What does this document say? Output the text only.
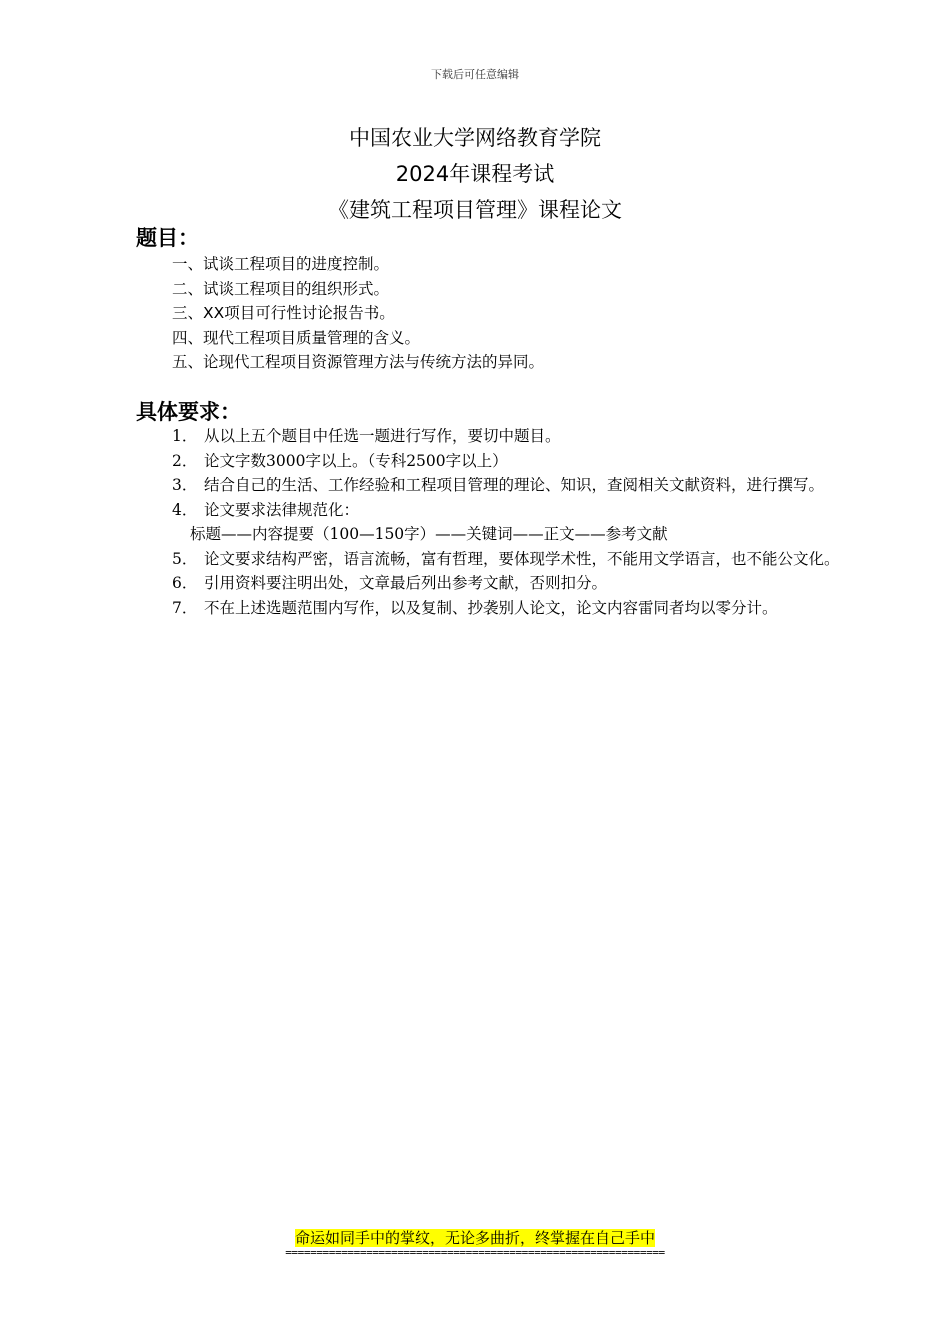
下载后可任意编辑
中国农业大学网络教育学院
2024年课程考试
《建筑工程项目管理》课程论文
题目：
一、试谈工程项目的进度控制。
二、试谈工程项目的组织形式。
三、XX项目可行性讨论报告书。
四、现代工程项目质量管理的含义。
五、论现代工程项目资源管理方法与传统方法的异同。
具体要求：
1． 从以上五个题目中任选一题进行写作，要切中题目。
2． 论文字数3000字以上。（专科2500字以上）
3． 结合自己的生活、工作经验和工程项目管理的理论、知识，查阅相关文献资料，进行撰写。
4． 论文要求法律规范化：
标题——内容提要（100—150字）——关键词——正文——参考文献
5． 论文要求结构严密，语言流畅，富有哲理，要体现学术性，不能用文学语言，也不能公文化。
6． 引用资料要注明出处，文章最后列出参考文献，否则扣分。
7． 不在上述选题范围内写作，以及复制、抄袭别人论文，论文内容雷同者均以零分计。
命运如同手中的掌纹，无论多曲折，终掌握在自己手中
=============================================================
